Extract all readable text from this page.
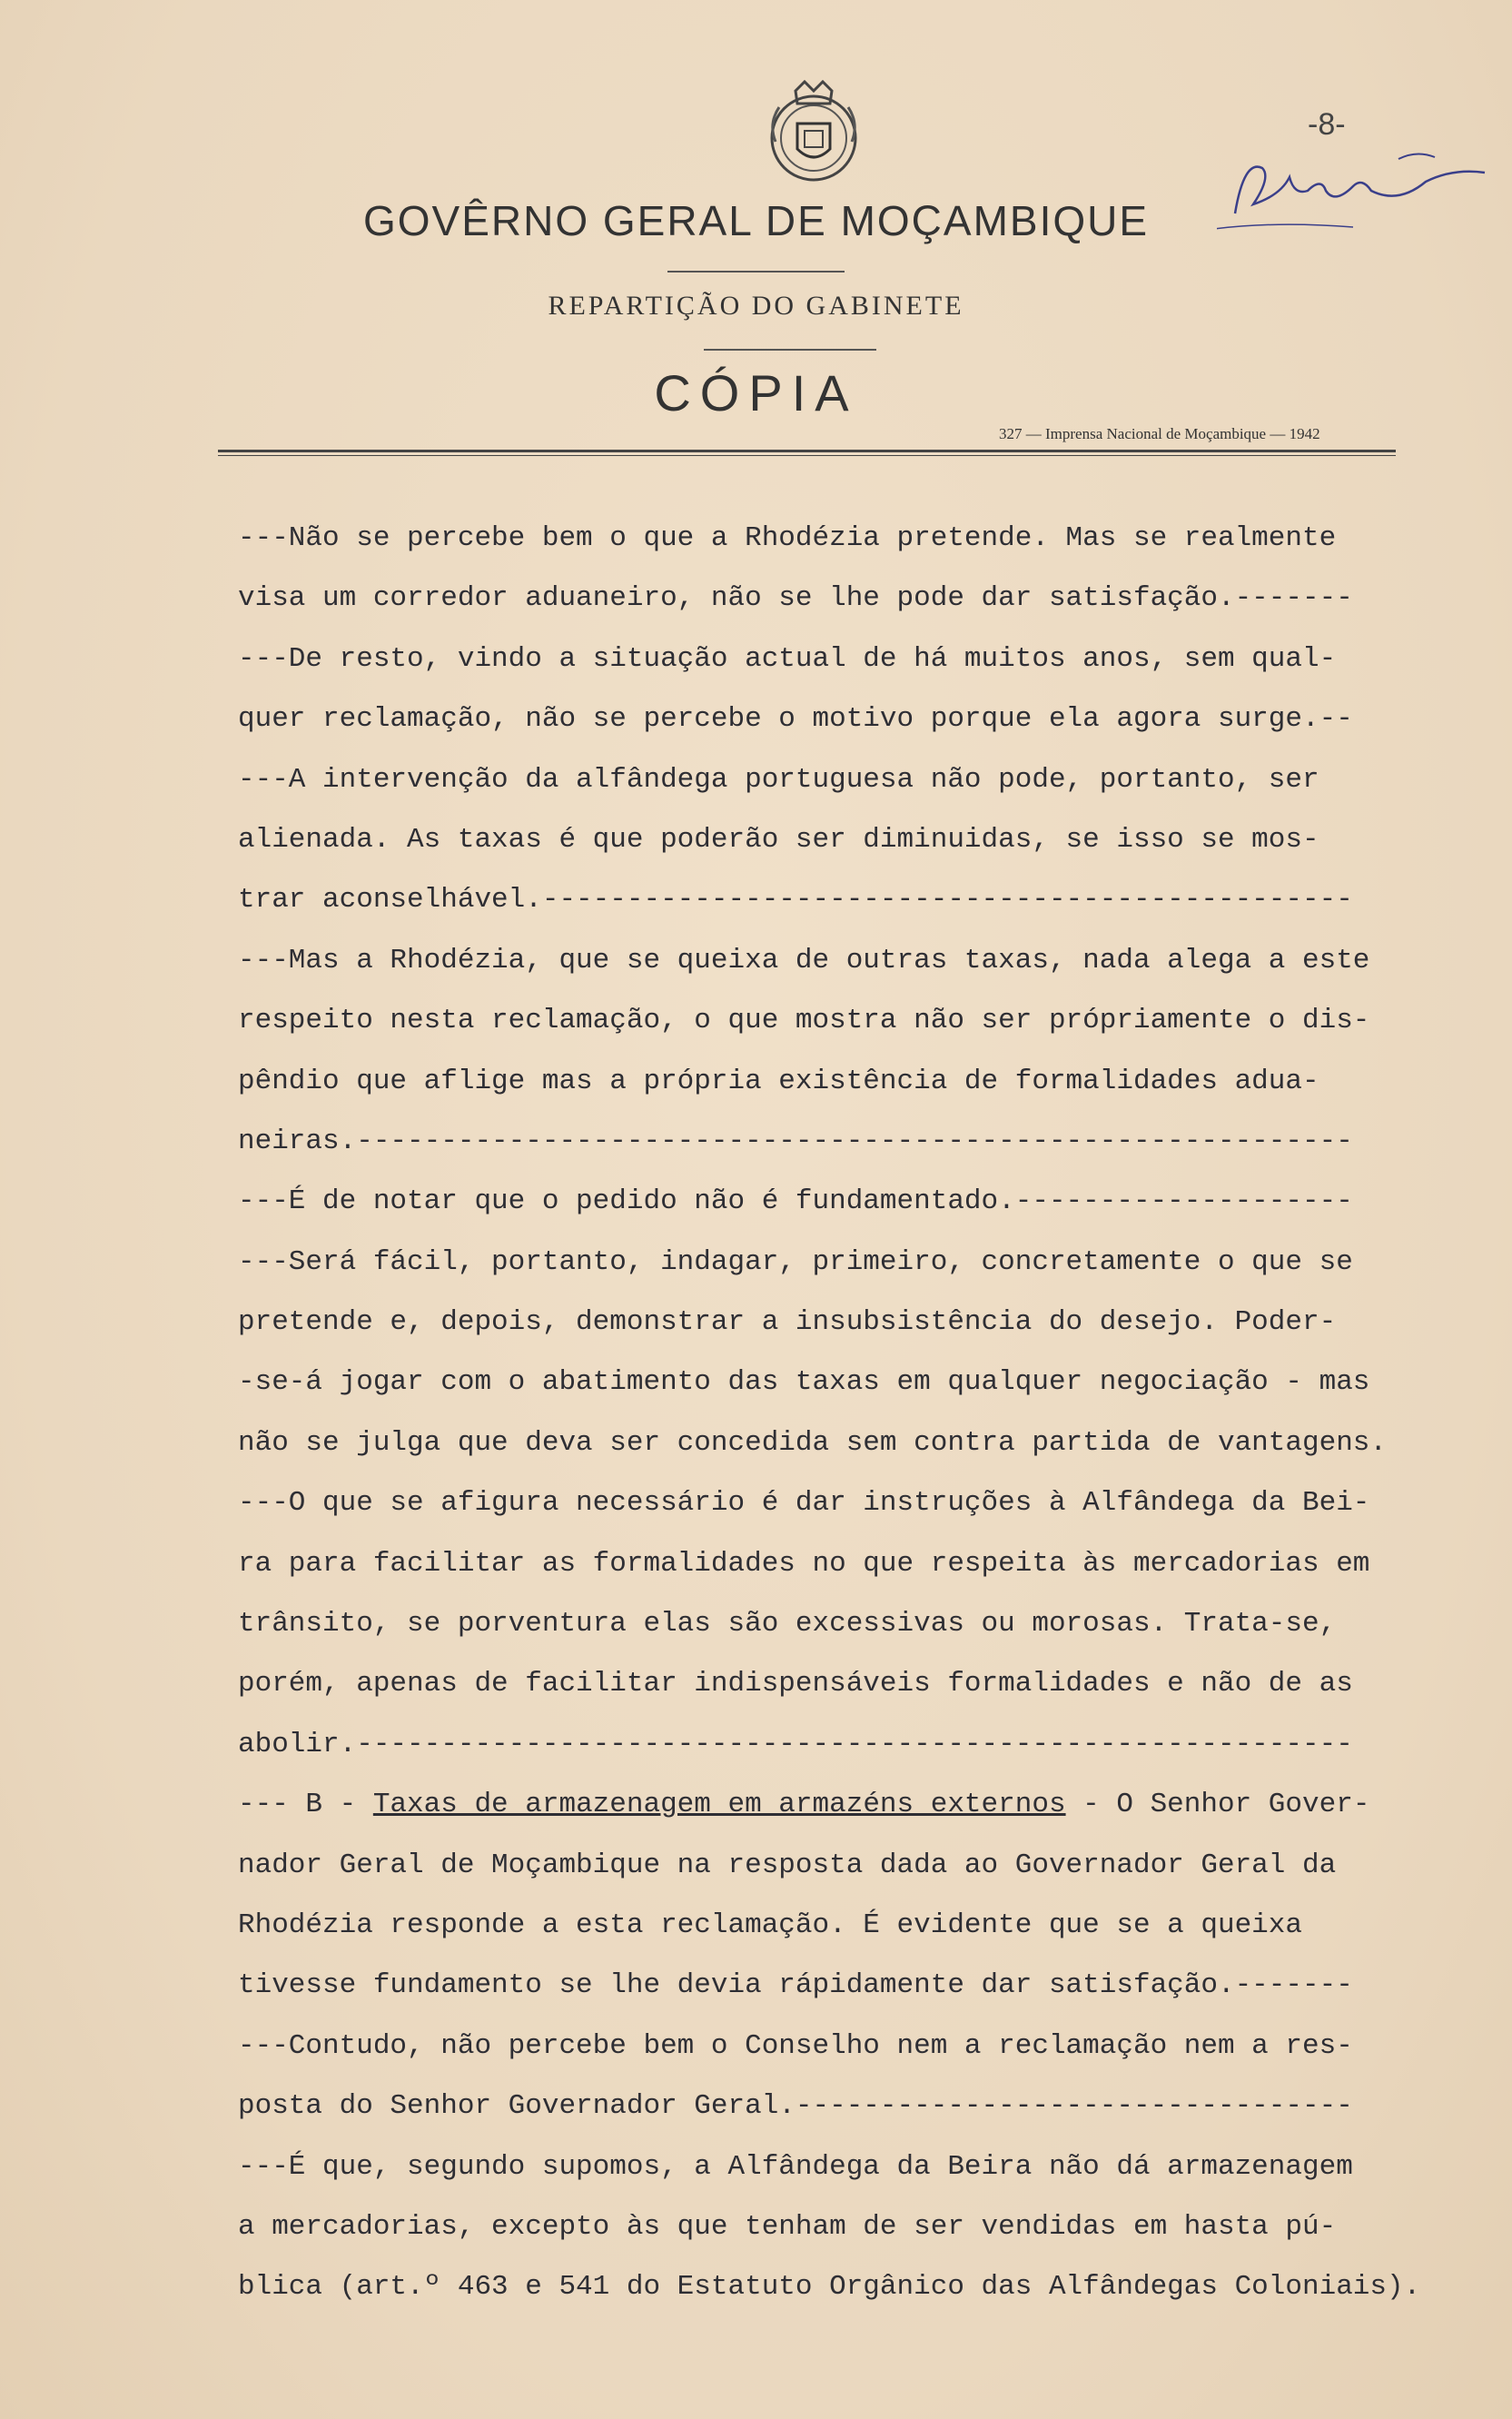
-8-
GOVÊRNO GERAL DE MOÇAMBIQUE
REPARTIÇÃO DO GABINETE
CÓPIA
327 — Imprensa Nacional de Moçambique — 1942
---Não se percebe bem o que a Rhodézia pretende. Mas se realmente
visa um corredor aduaneiro, não se lhe pode dar satisfação.-------
---De resto, vindo a situação actual de há muitos anos, sem qual-
quer reclamação, não se percebe o motivo porque ela agora surge.--
---A intervenção da alfândega portuguesa não pode, portanto, ser
alienada. As taxas é que poderão ser diminuidas, se isso se mos-
trar aconselhável.------------------------------------------------
---Mas a Rhodézia, que se queixa de outras taxas, nada alega a este
respeito nesta reclamação, o que mostra não ser própriamente o dis-
pêndio que aflige mas a própria existência de formalidades adua-
neiras.-----------------------------------------------------------
---É de notar que o pedido não é fundamentado.--------------------
---Será fácil, portanto, indagar, primeiro, concretamente o que se
pretende e, depois, demonstrar a insubsistência do desejo. Poder-
-se-á jogar com o abatimento das taxas em qualquer negociação - mas
não se julga que deva ser concedida sem contra partida de vantagens.
---O que se afigura necessário é dar instruções à Alfândega da Bei-
ra para facilitar as formalidades no que respeita às mercadorias em
trânsito, se porventura elas são excessivas ou morosas. Trata-se,
porém, apenas de facilitar indispensáveis formalidades e não de as
abolir.-----------------------------------------------------------
--- B - Taxas de armazenagem em armazéns externos - O Senhor Gover-
nador Geral de Moçambique na resposta dada ao Governador Geral da
Rhodézia responde a esta reclamação. É evidente que se a queixa
tivesse fundamento se lhe devia rápidamente dar satisfação.-------
---Contudo, não percebe bem o Conselho nem a reclamação nem a res-
posta do Senhor Governador Geral.---------------------------------
---É que, segundo supomos, a Alfândega da Beira não dá armazenagem
a mercadorias, excepto às que tenham de ser vendidas em hasta pú-
blica (art.º 463 e 541 do Estatuto Orgânico das Alfândegas Coloniais).
